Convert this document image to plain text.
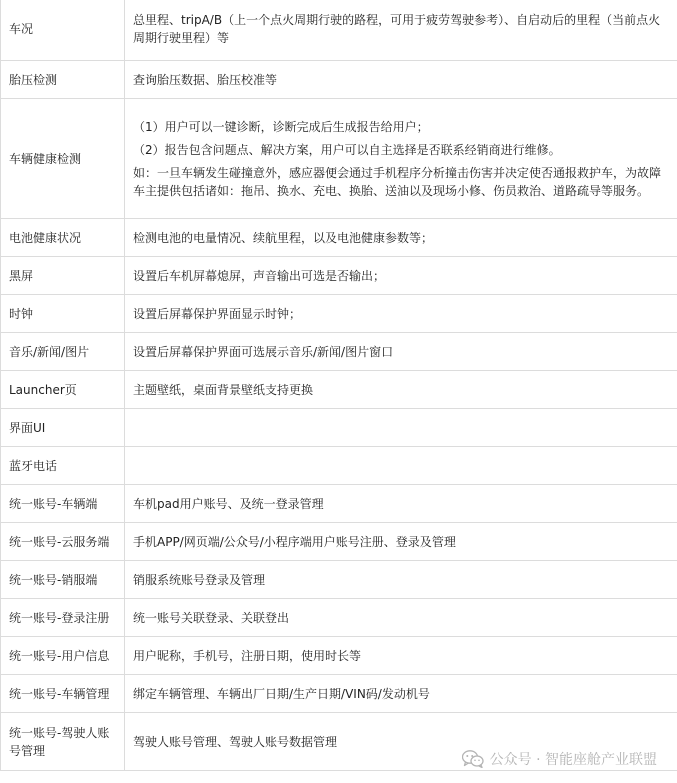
车况	总里程、tripA/B（上一个点火周期行驶的路程，可用于疲劳驾驶参考）、自启动后的里程（当前点火周期行驶里程）等

胎压检测	查询胎压数据、胎压校准等

车辆健康检测	（1）用户可以一键诊断，诊断完成后生成报告给用户；
（2）报告包含问题点、解决方案，用户可以自主选择是否联系经销商进行维修。
如：一旦车辆发生碰撞意外，感应器便会通过手机程序分析撞击伤害并决定使否通报救护车，为故障车主提供包括诸如：拖吊、换水、充电、换胎、送油以及现场小修、伤员救治、道路疏导等服务。

电池健康状况	检测电池的电量情况、续航里程，以及电池健康参数等；

黑屏	设置后车机屏幕熄屏，声音输出可选是否输出；

时钟	设置后屏幕保护界面显示时钟；

音乐/新闻/图片	设置后屏幕保护界面可选展示音乐/新闻/图片窗口

Launcher页	主题壁纸，桌面背景壁纸支持更换

界面UI	

蓝牙电话	

统一账号-车辆端	车机pad用户账号、及统一登录管理

统一账号-云服务端	手机APP/网页端/公众号/小程序端用户账号注册、登录及管理

统一账号-销服端	销服系统账号登录及管理

统一账号-登录注册	统一账号关联登录、关联登出

统一账号-用户信息	用户昵称，手机号，注册日期，使用时长等

统一账号-车辆管理	绑定车辆管理、车辆出厂日期/生产日期/VIN码/发动机号

统一账号-驾驶人账号管理	驾驶人账号管理、驾驶人账号数据管理
公众号 · 智能座舱产业联盟
